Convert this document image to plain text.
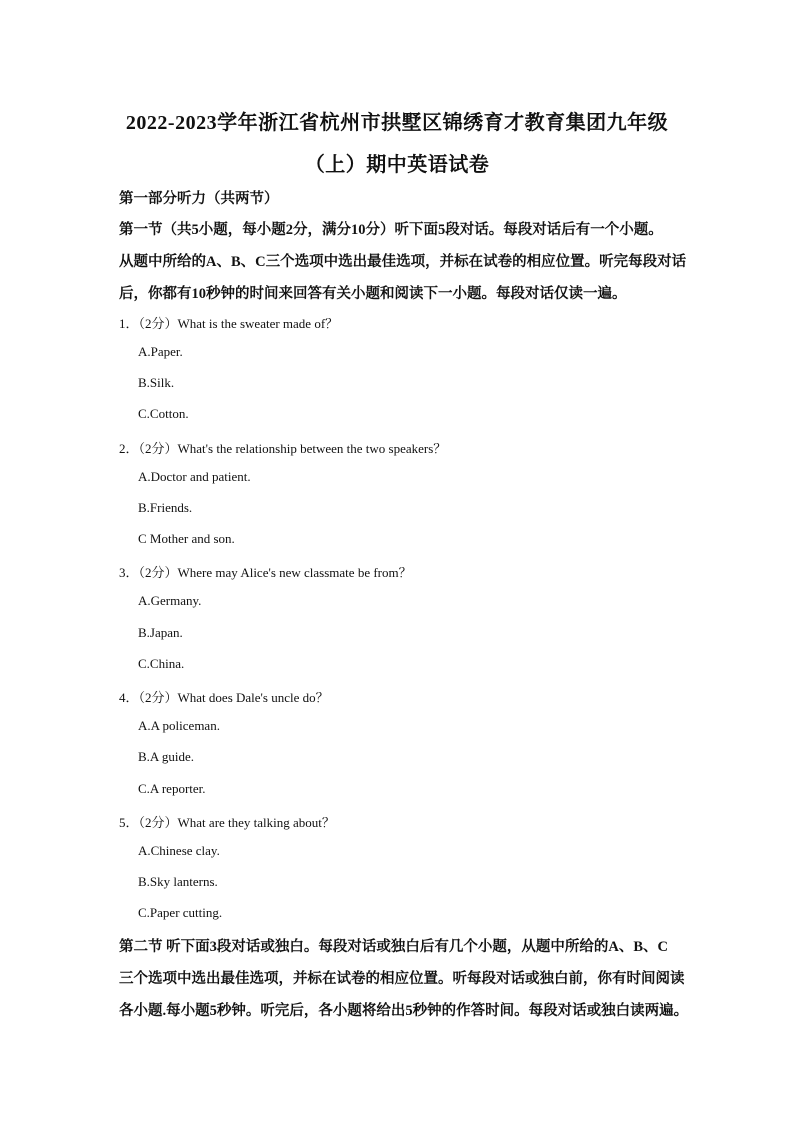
2022-2023学年浙江省杭州市拱墅区锦绣育才教育集团九年级
（上）期中英语试卷
第一部分听力（共两节）
第一节（共5小题，每小题2分，满分10分）听下面5段对话。每段对话后有一个小题。
从题中所给的A、B、C三个选项中选出最佳选项，并标在试卷的相应位置。听完每段对话
后，你都有10秒钟的时间来回答有关小题和阅读下一小题。每段对话仅读一遍。
1．（2分）What is the sweater made of？
A.Paper.
B.Silk.
C.Cotton.
2．（2分）What's the relationship between the two speakers？
A.Doctor and patient.
B.Friends.
C Mother and son.
3．（2分）Where may Alice's new classmate be from？
A.Germany.
B.Japan.
C.China.
4．（2分）What does Dale's uncle do？
A.A policeman.
B.A guide.
C.A reporter.
5．（2分）What are they talking about？
A.Chinese clay.
B.Sky lanterns.
C.Paper cutting.
第二节 听下面3段对话或独白。每段对话或独白后有几个小题，从题中所给的A、B、C
三个选项中选出最佳选项，并标在试卷的相应位置。听每段对话或独白前，你有时间阅读
各小题.每小题5秒钟。听完后，各小题将给出5秒钟的作答时间。每段对话或独白读两遍。
